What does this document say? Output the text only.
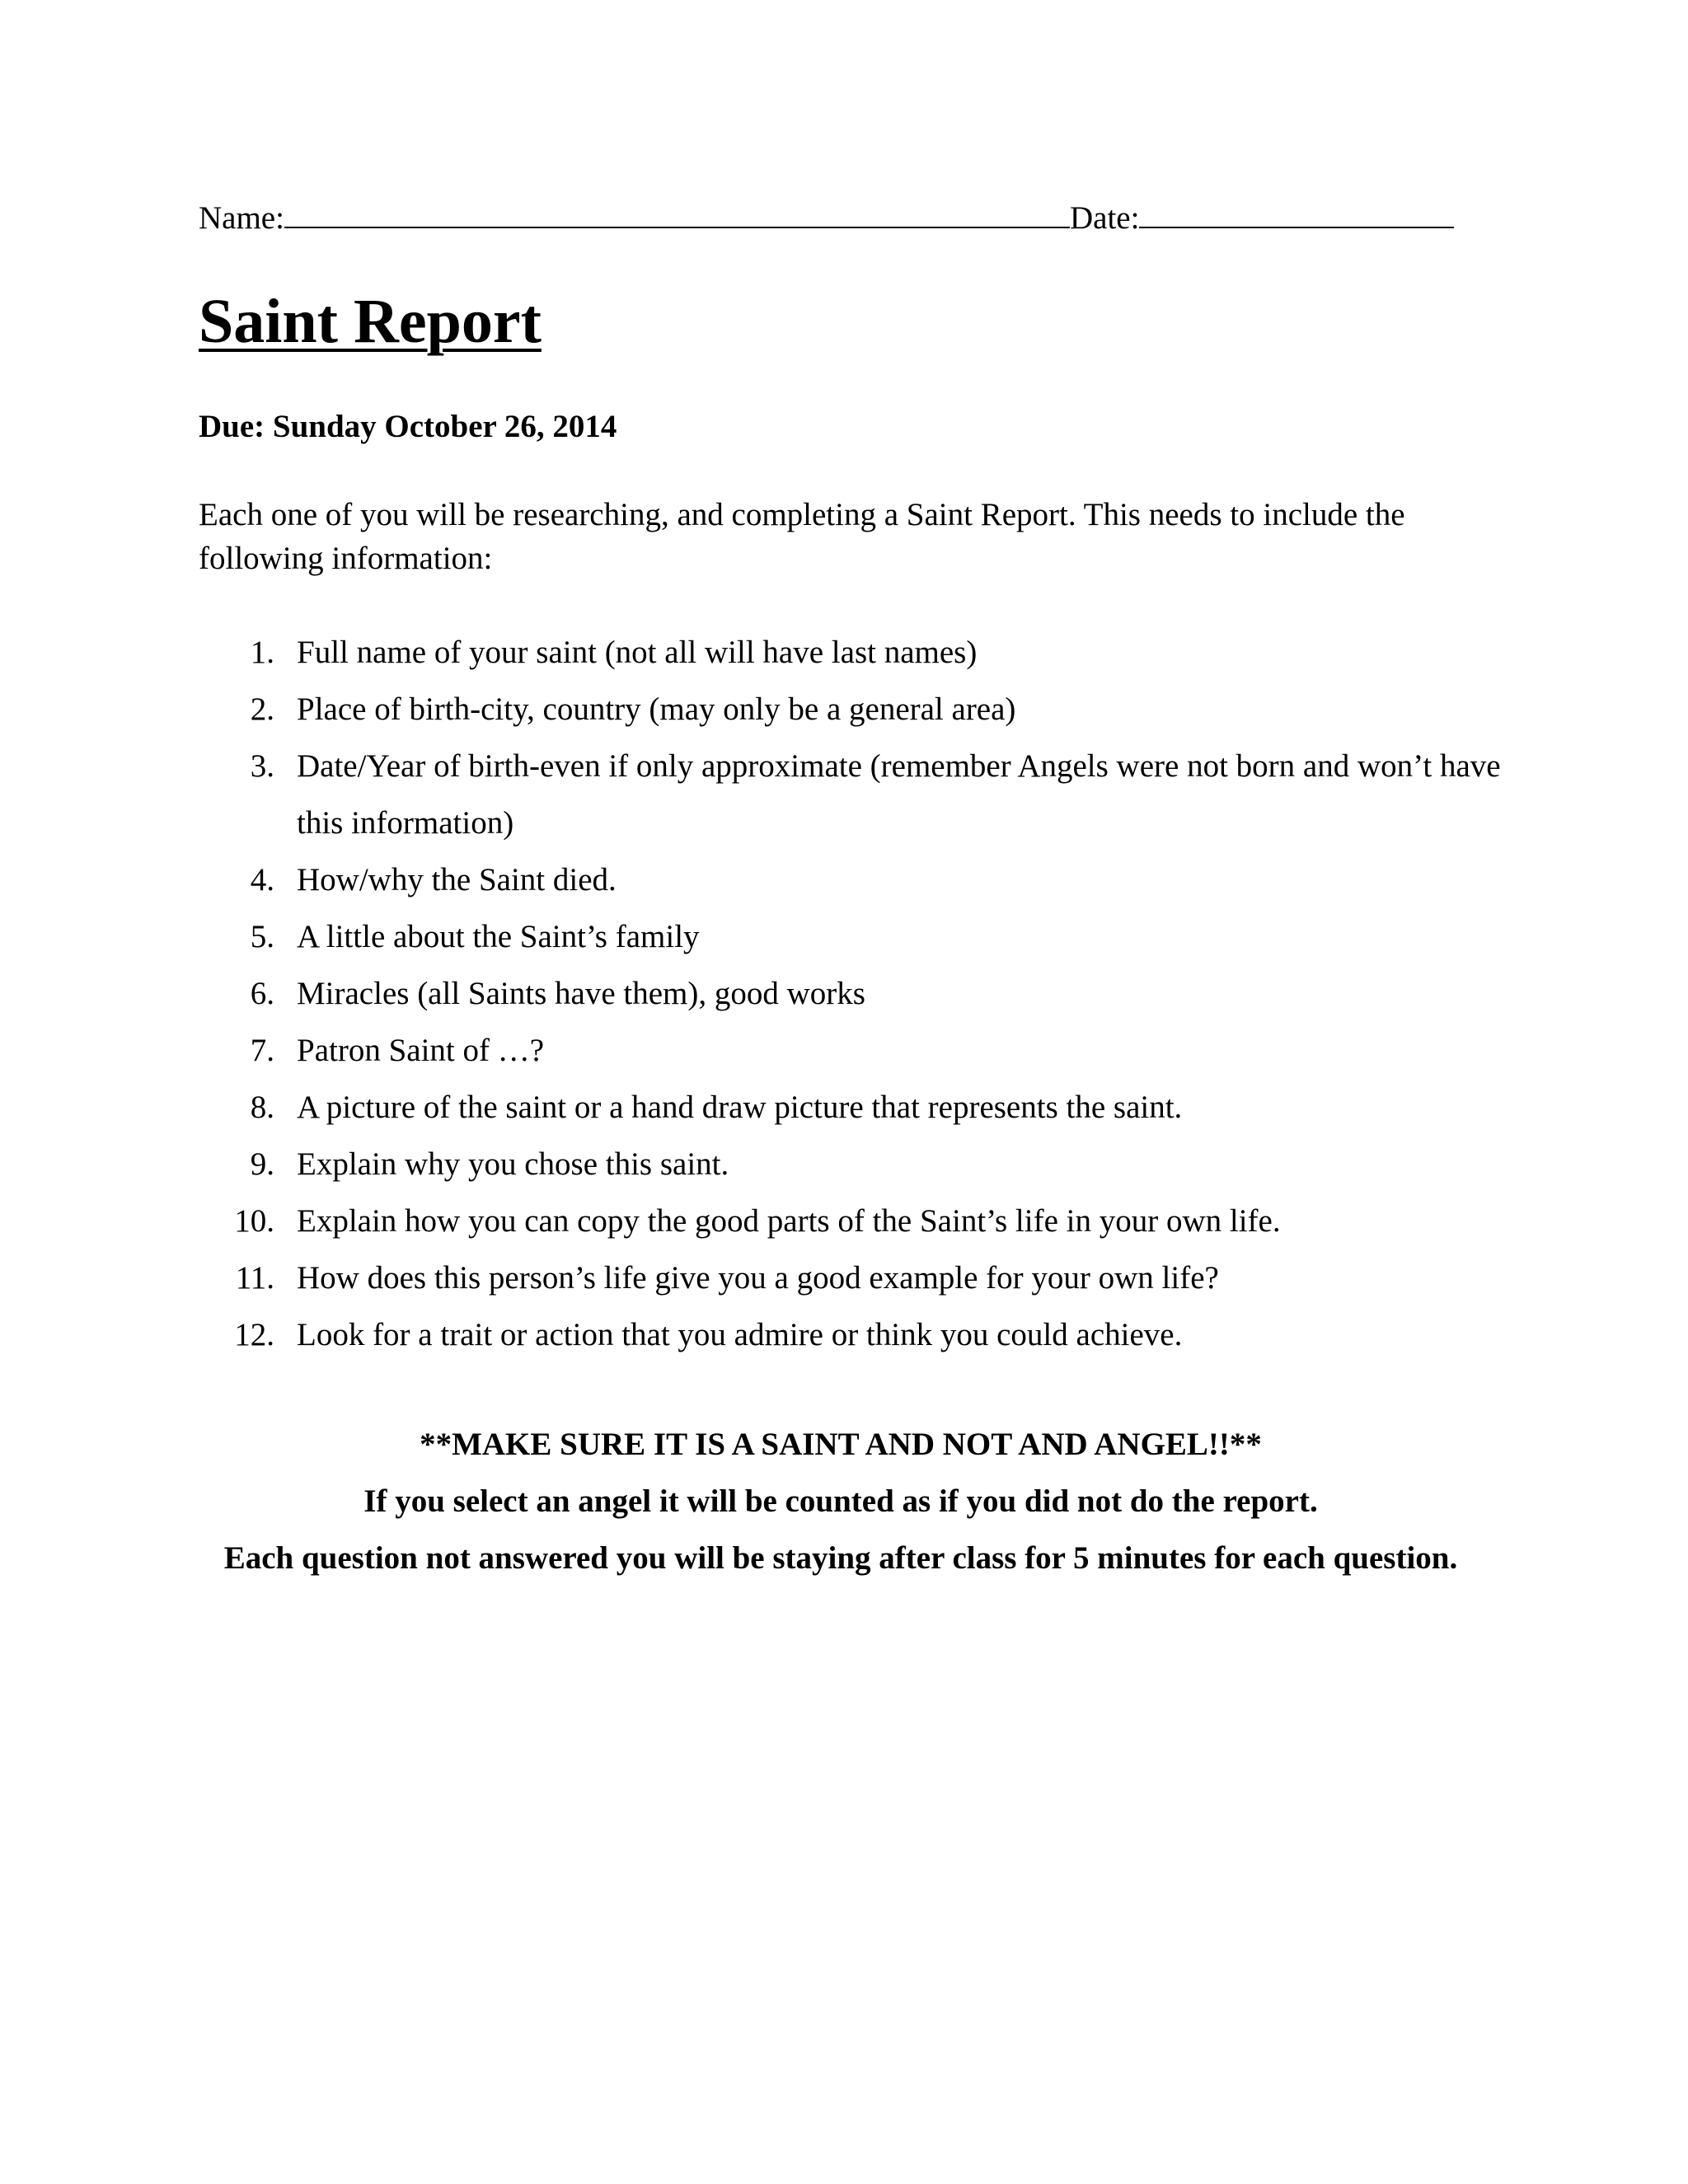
Name:	Date:
Saint Report
Due: Sunday October 26, 2014

Each one of you will be researching, and completing a Saint Report. This needs to include the following information:

1. Full name of your saint (not all will have last names)
2. Place of birth-city, country (may only be a general area)
3. Date/Year of birth-even if only approximate (remember Angels were not born and won’t have this information)
4. How/why the Saint died.
5. A little about the Saint’s family
6. Miracles (all Saints have them), good works
7. Patron Saint of …?
8. A picture of the saint or a hand draw picture that represents the saint.
9. Explain why you chose this saint.
10. Explain how you can copy the good parts of the Saint’s life in your own life.
11. How does this person’s life give you a good example for your own life?
12. Look for a trait or action that you admire or think you could achieve.
**MAKE SURE IT IS A SAINT AND NOT AND ANGEL!!**
If you select an angel it will be counted as if you did not do the report.
Each question not answered you will be staying after class for 5 minutes for each question.
